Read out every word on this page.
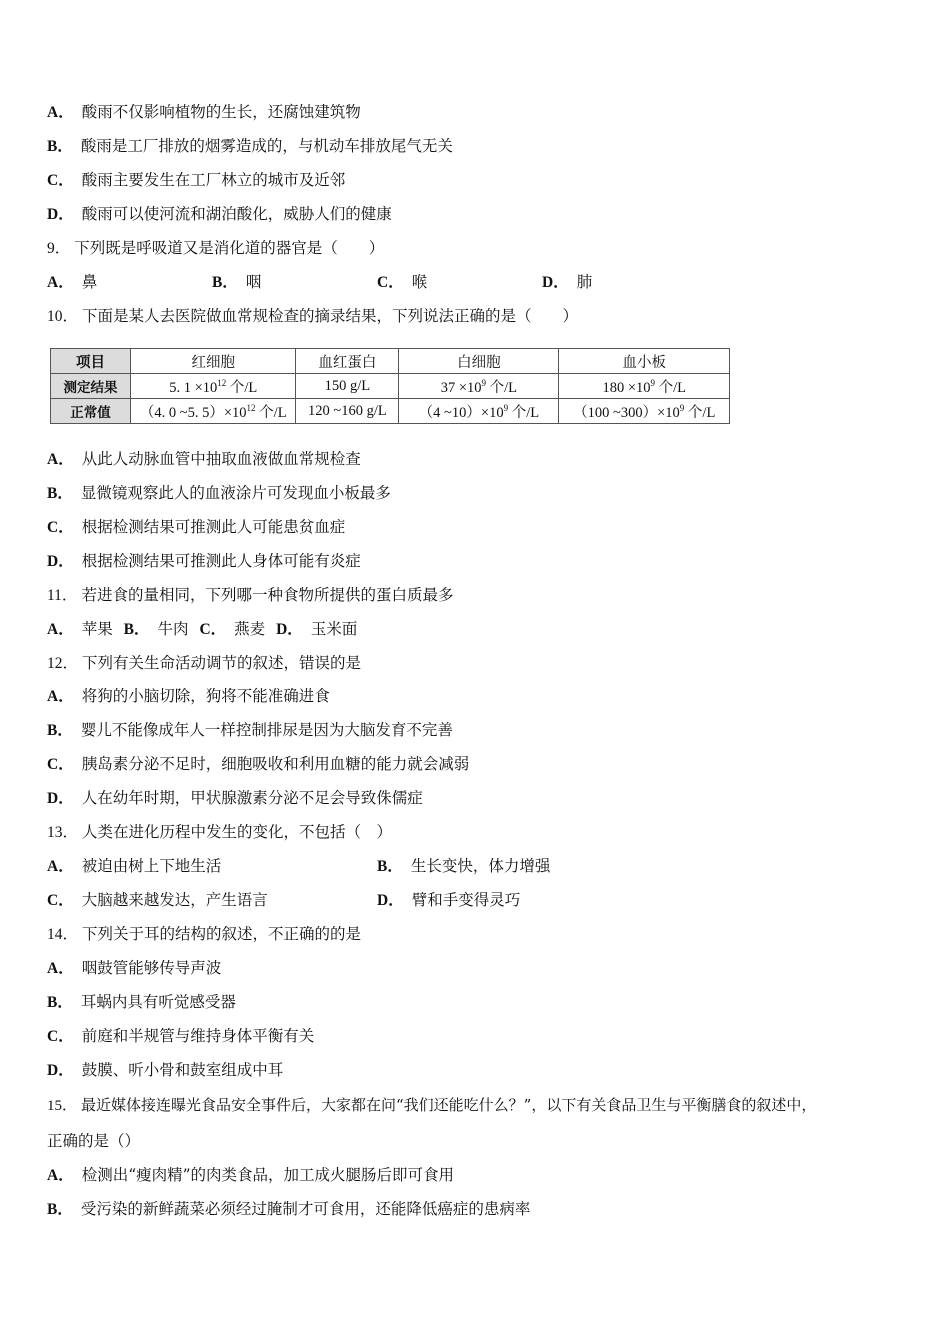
A． 酸雨不仅影响植物的生长，还腐蚀建筑物
B． 酸雨是工厂排放的烟雾造成的，与机动车排放尾气无关
C． 酸雨主要发生在工厂林立的城市及近邻
D． 酸雨可以使河流和湖泊酸化，威胁人们的健康
9． 下列既是呼吸道又是消化道的器官是（　　）
A． 鼻	B． 咽	C． 喉	D． 肺
10． 下面是某人去医院做血常规检查的摘录结果，下列说法正确的是（　　）
项目	红细胞	血红蛋白	白细胞	血小板
测定结果	5. $1 \times 10^{12}$ 个/L	150 g/L	$37 \times 10^9$ 个/L	$180 \times 10^9$ 个/L
正常值	（4. 0 ~5. $5)\times 10^{12}$ 个/L	120 ~160 g/L	（4 $\sim 10)\times 10^9$ 个/L	（100 $\sim 300)\times 10^9$ 个/L
A． 从此人动脉血管中抽取血液做血常规检查
B． 显微镜观察此人的血液涂片可发现血小板最多
C． 根据检测结果可推测此人可能患贫血症
D． 根据检测结果可推测此人身体可能有炎症
11． 若进食的量相同，下列哪一种食物所提供的蛋白质最多
A． 苹果 B． 牛肉 C． 燕麦 D． 玉米面
12． 下列有关生命活动调节的叙述，错误的是
A． 将狗的小脑切除，狗将不能准确进食
B． 婴儿不能像成年人一样控制排尿是因为大脑发育不完善
C． 胰岛素分泌不足时，细胞吸收和利用血糖的能力就会减弱
D． 人在幼年时期，甲状腺激素分泌不足会导致侏儒症
13． 人类在进化历程中发生的变化，不包括（　）
A． 被迫由树上下地生活	B． 生长变快，体力增强
C． 大脑越来越发达，产生语言	D． 臂和手变得灵巧
14． 下列关于耳的结构的叙述，不正确的的是
A． 咽鼓管能够传导声波
B． 耳蜗内具有听觉感受器
C． 前庭和半规管与维持身体平衡有关
D． 鼓膜、听小骨和鼓室组成中耳
15． 最近媒体接连曝光食品安全事件后，大家都在问“我们还能吃什么？”，以下有关食品卫生与平衡膳食的叙述中，
正确的是（）
A． 检测出“瘦肉精”的肉类食品，加工成火腿肠后即可食用
B． 受污染的新鲜蔬菜必须经过腌制才可食用，还能降低癌症的患病率
